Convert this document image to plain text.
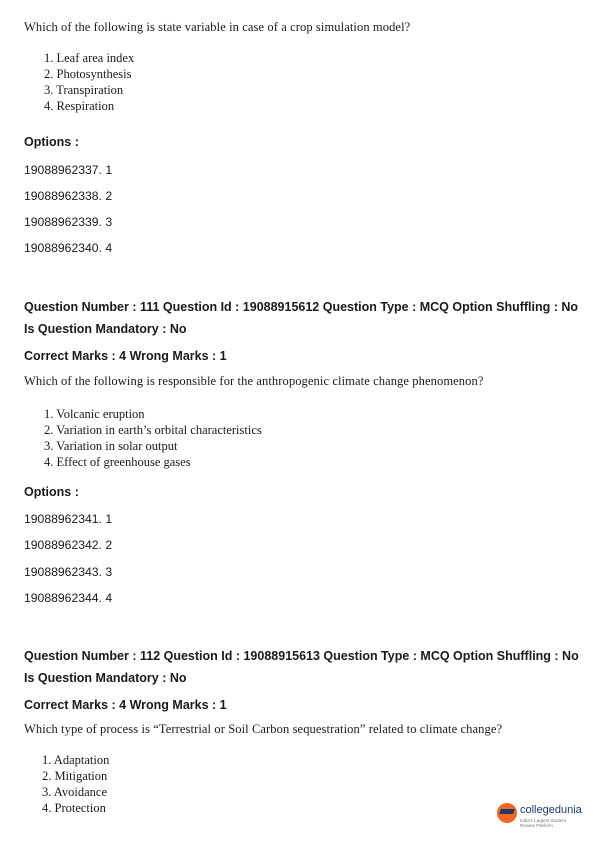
Which of the following is state variable in case of a crop simulation model?
1. Leaf area index
2. Photosynthesis
3. Transpiration
4. Respiration
Options :
19088962337. 1
19088962338. 2
19088962339. 3
19088962340. 4
Question Number : 111 Question Id : 19088915612 Question Type : MCQ Option Shuffling : No
Is Question Mandatory : No
Correct Marks : 4 Wrong Marks : 1
Which of the following is responsible for the anthropogenic climate change phenomenon?
1. Volcanic eruption
2. Variation in earth’s orbital characteristics
3. Variation in solar output
4. Effect of greenhouse gases
Options :
19088962341. 1
19088962342. 2
19088962343. 3
19088962344. 4
Question Number : 112 Question Id : 19088915613 Question Type : MCQ Option Shuffling : No
Is Question Mandatory : No
Correct Marks : 4 Wrong Marks : 1
Which type of process is “Terrestrial or Soil Carbon sequestration” related to climate change?
1. Adaptation
2. Mitigation
3. Avoidance
4. Protection	collegedunia
India's Largest Student Review Platform
